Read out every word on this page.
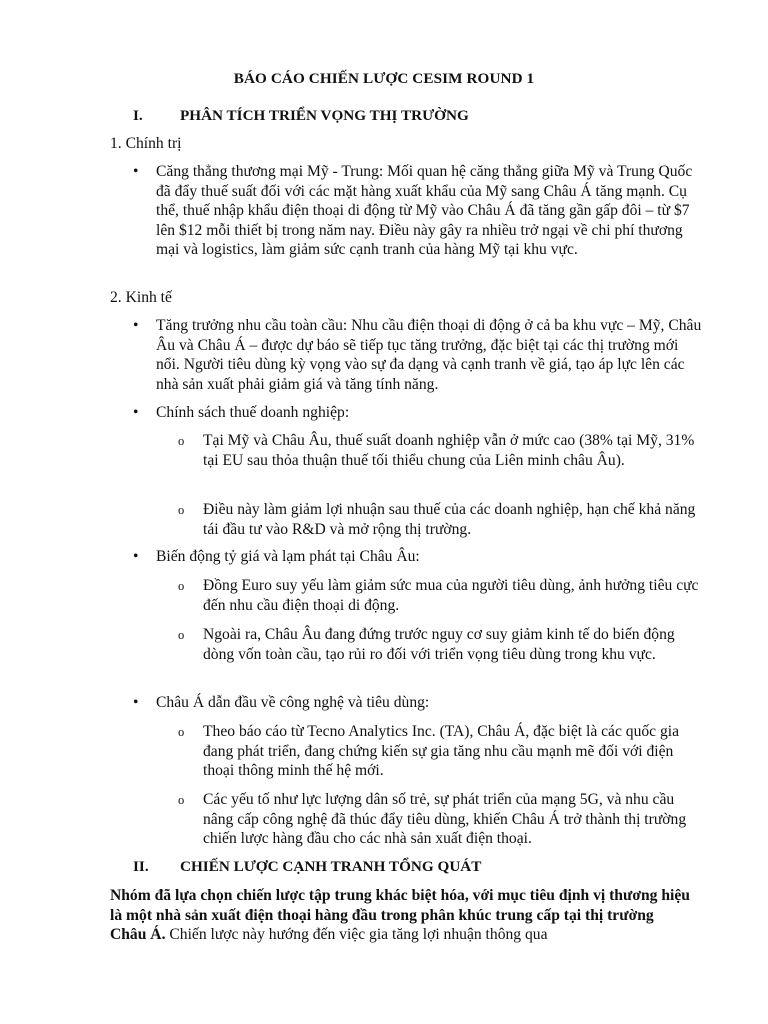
BÁO CÁO CHIẾN LƯỢC CESIM ROUND 1
I. PHÂN TÍCH TRIỂN VỌNG THỊ TRƯỜNG
1. Chính trị
•	Căng thẳng thương mại Mỹ - Trung: Mối quan hệ căng thẳng giữa Mỹ và Trung Quốc đã đẩy thuế suất đối với các mặt hàng xuất khẩu của Mỹ sang Châu Á tăng mạnh. Cụ thể, thuế nhập khẩu điện thoại di động từ Mỹ vào Châu Á đã tăng gần gấp đôi – từ $7 lên $12 mỗi thiết bị trong năm nay. Điều này gây ra nhiều trở ngại về chi phí thương mại và logistics, làm giảm sức cạnh tranh của hàng Mỹ tại khu vực.
2. Kinh tế
•	Tăng trưởng nhu cầu toàn cầu: Nhu cầu điện thoại di động ở cả ba khu vực – Mỹ, Châu Âu và Châu Á – được dự báo sẽ tiếp tục tăng trưởng, đặc biệt tại các thị trường mới nổi. Người tiêu dùng kỳ vọng vào sự đa dạng và cạnh tranh về giá, tạo áp lực lên các nhà sản xuất phải giảm giá và tăng tính năng.
•	Chính sách thuế doanh nghiệp:
o Tại Mỹ và Châu Âu, thuế suất doanh nghiệp vẫn ở mức cao (38% tại Mỹ, 31% tại EU sau thỏa thuận thuế tối thiểu chung của Liên minh châu Âu).
o Điều này làm giảm lợi nhuận sau thuế của các doanh nghiệp, hạn chế khả năng tái đầu tư vào R&D và mở rộng thị trường.
•	Biến động tỷ giá và lạm phát tại Châu Âu:
o Đồng Euro suy yếu làm giảm sức mua của người tiêu dùng, ảnh hưởng tiêu cực đến nhu cầu điện thoại di động.
o Ngoài ra, Châu Âu đang đứng trước nguy cơ suy giảm kinh tế do biến động dòng vốn toàn cầu, tạo rủi ro đối với triển vọng tiêu dùng trong khu vực.
•	Châu Á dẫn đầu về công nghệ và tiêu dùng:
o Theo báo cáo từ Tecno Analytics Inc. (TA), Châu Á, đặc biệt là các quốc gia đang phát triển, đang chứng kiến sự gia tăng nhu cầu mạnh mẽ đối với điện thoại thông minh thế hệ mới.
o Các yếu tố như lực lượng dân số trẻ, sự phát triển của mạng 5G, và nhu cầu nâng cấp công nghệ đã thúc đẩy tiêu dùng, khiến Châu Á trở thành thị trường chiến lược hàng đầu cho các nhà sản xuất điện thoại.
II. CHIẾN LƯỢC CẠNH TRANH TỔNG QUÁT
Nhóm đã lựa chọn chiến lược tập trung khác biệt hóa, với mục tiêu định vị thương hiệu là một nhà sản xuất điện thoại hàng đầu trong phân khúc trung cấp tại thị trường Châu Á. Chiến lược này hướng đến việc gia tăng lợi nhuận thông qua
